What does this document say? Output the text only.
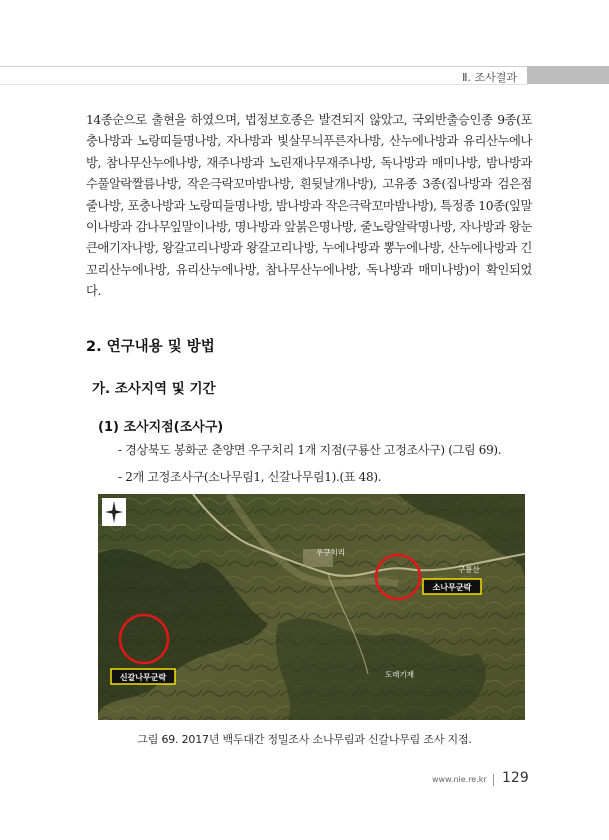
Ⅱ. 조사결과

14종순으로 출현을 하였으며, 법정보호종은 발견되지 않았고, 국외반출승인종 9종(포충나방과 노랑띠들명나방, 자나방과 빛살무늬푸른자나방, 산누에나방과 유리산누에나방, 참나무산누에나방, 재주나방과 노린재나무재주나방, 독나방과 매미나방, 밤나방과 수풀알락짤름나방, 작은극락꼬마밤나방, 흰뒷날개나방), 고유종 3종(집나방과 검은점줄나방, 포충나방과 노랑띠들명나방, 밤나방과 작은극락꼬마밤나방), 특정종 10종(잎말이나방과 감나무잎말이나방, 명나방과 앞붉은명나방, 줄노랑알락명나방, 자나방과 왕눈큰애기자나방, 왕갈고리나방과 왕갈고리나방, 누에나방과 뽕누에나방, 산누에나방과 긴꼬리산누에나방, 유리산누에나방, 참나무산누에나방, 독나방과 매미나방)이 확인되었다.

2. 연구내용 및 방법
가. 조사지역 및 기간
(1) 조사지점(조사구)

- 경상북도 봉화군 춘양면 우구치리 1개 지점(구룡산 고정조사구) (그림 69).

- 2개 고정조사구(소나무림1, 신갈나무림1).(표 48).

우구치리
구룡산
도래기재
소나무군락
신갈나무군락
그림 69. 2017년 백두대간 정밀조사 소나무림과 신갈나무림 조사 지점.
www.nie.re.kr 129
